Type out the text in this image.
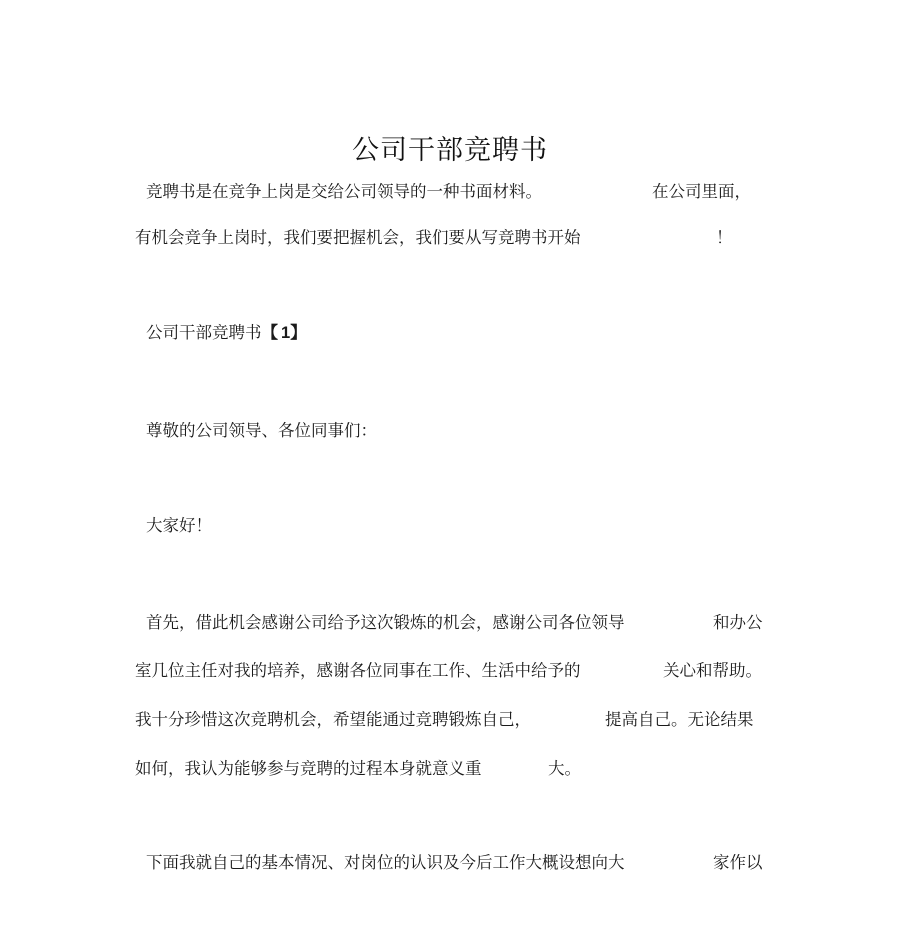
公司干部竞聘书
竞聘书是在竞争上岗是交给公司领导的一种书面材料。	在公司里面，
有机会竞争上岗时，我们要把握机会，我们要从写竞聘书开始	！
公司干部竞聘书【 1】
尊敬的公司领导、各位同事们：
大家好！
首先，借此机会感谢公司给予这次锻炼的机会，感谢公司各位领导	和办公
室几位主任对我的培养，感谢各位同事在工作、生活中给予的	关心和帮助。
我十分珍惜这次竞聘机会，希望能通过竞聘锻炼自己，	提高自己。无论结果
如何，我认为能够参与竞聘的过程本身就意义重	大。
下面我就自己的基本情况、对岗位的认识及今后工作大概设想向大	家作以
